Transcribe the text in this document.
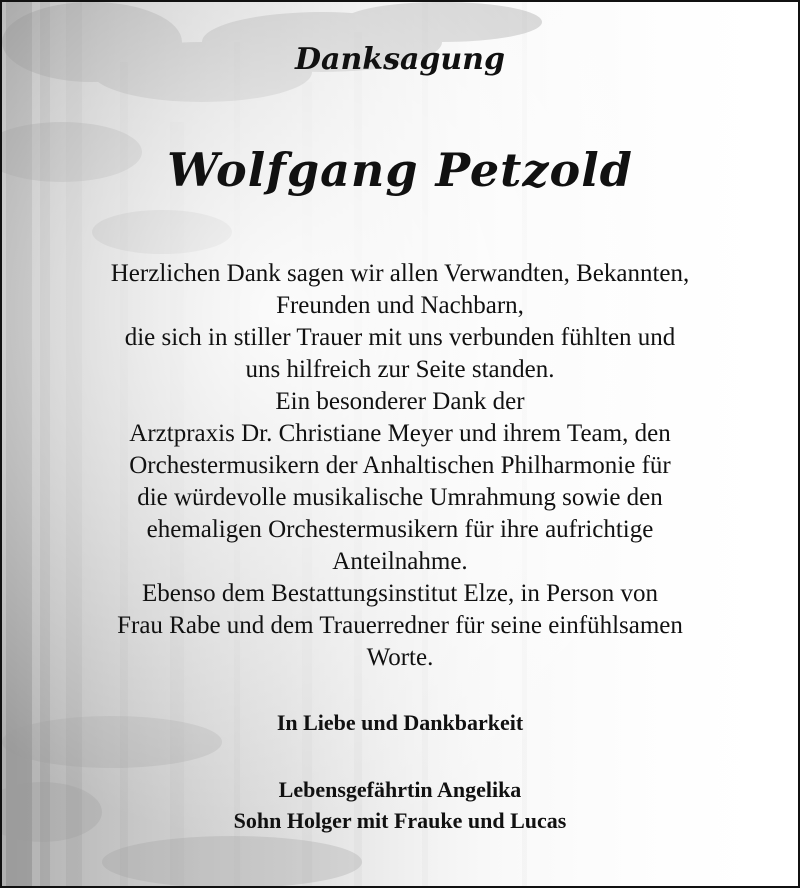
Danksagung
Wolfgang Petzold

Herzlichen Dank sagen wir allen Verwandten, Bekannten,
Freunden und Nachbarn,
die sich in stiller Trauer mit uns verbunden fühlten und
uns hilfreich zur Seite standen.
Ein besonderer Dank der
Arztpraxis Dr. Christiane Meyer und ihrem Team, den
Orchestermusikern der Anhaltischen Philharmonie für
die würdevolle musikalische Umrahmung sowie den
ehemaligen Orchestermusikern für ihre aufrichtige
Anteilnahme.
Ebenso dem Bestattungsinstitut Elze, in Person von
Frau Rabe und dem Trauerredner für seine einfühlsamen
Worte.

In Liebe und Dankbarkeit

Lebensgefährtin Angelika
Sohn Holger mit Frauke und Lucas
